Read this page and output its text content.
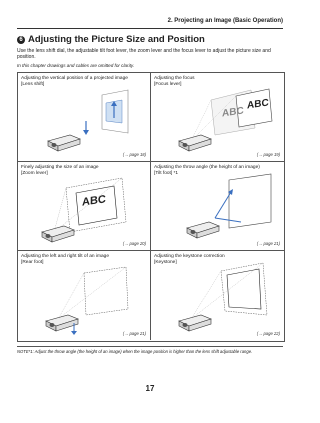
2. Projecting an Image (Basic Operation)
6 Adjusting the Picture Size and Position
Use the lens shift dial, the adjustable tilt foot lever, the zoom lever and the focus lever to adjust the picture size and position.
In this chapter drawings and cables are omitted for clarity.
Adjusting the vertical position of a projected image
[Lens shift]
(→ page 18)
Adjusting the focus
[Focus lever]
ABC
ABC
(→ page 19)
Finely adjusting the size of an image
[Zoom lever]
ABC
(→ page 20)
Adjusting the throw angle (the height of an image)
[Tilt foot] *1
(→ page 21)
Adjusting the left and right tilt of an image
[Rear foot]
(→ page 21)
Adjusting the keystone correction
[Keystone]
(→ page 22)
NOTE*1: Adjust the throw angle (the height of an image) when the image position is higher than the lens shift adjustable range.
17
